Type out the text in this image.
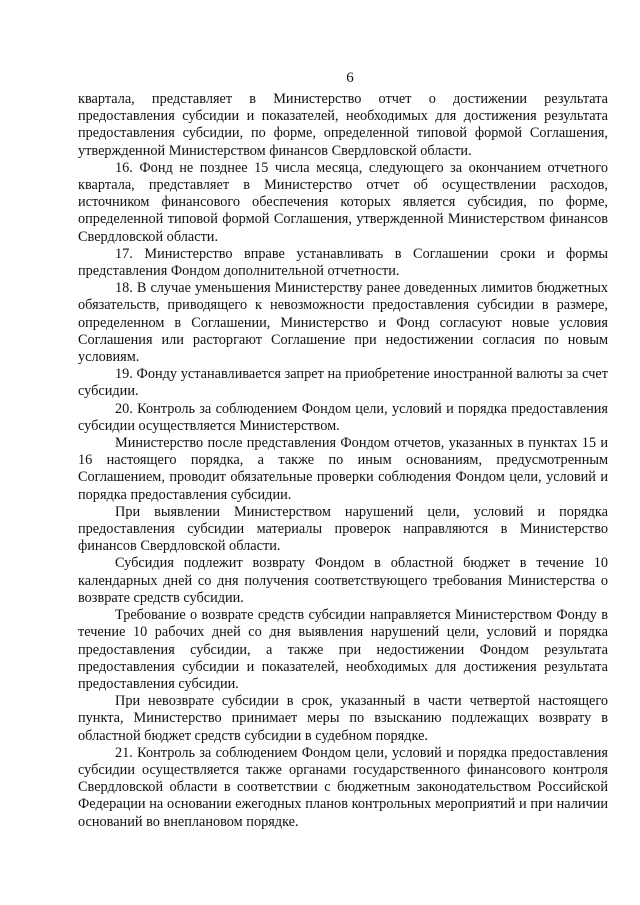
6

квартала, представляет в Министерство отчет о достижении результата предоставления субсидии и показателей, необходимых для достижения результата предоставления субсидии, по форме, определенной типовой формой Соглашения, утвержденной Министерством финансов Свердловской области.

16. Фонд не позднее 15 числа месяца, следующего за окончанием отчетного квартала, представляет в Министерство отчет об осуществлении расходов, источником финансового обеспечения которых является субсидия, по форме, определенной типовой формой Соглашения, утвержденной Министерством финансов Свердловской области.

17. Министерство вправе устанавливать в Соглашении сроки и формы представления Фондом дополнительной отчетности.

18. В случае уменьшения Министерству ранее доведенных лимитов бюджетных обязательств, приводящего к невозможности предоставления субсидии в размере, определенном в Соглашении, Министерство и Фонд согласуют новые условия Соглашения или расторгают Соглашение при недостижении согласия по новым условиям.

19. Фонду устанавливается запрет на приобретение иностранной валюты за счет субсидии.

20. Контроль за соблюдением Фондом цели, условий и порядка предоставления субсидии осуществляется Министерством.

Министерство после представления Фондом отчетов, указанных в пунктах 15 и 16 настоящего порядка, а также по иным основаниям, предусмотренным Соглашением, проводит обязательные проверки соблюдения Фондом цели, условий и порядка предоставления субсидии.

При выявлении Министерством нарушений цели, условий и порядка предоставления субсидии материалы проверок направляются в Министерство финансов Свердловской области.

Субсидия подлежит возврату Фондом в областной бюджет в течение 10 календарных дней со дня получения соответствующего требования Министерства о возврате средств субсидии.

Требование о возврате средств субсидии направляется Министерством Фонду в течение 10 рабочих дней со дня выявления нарушений цели, условий и порядка предоставления субсидии, а также при недостижении Фондом результата предоставления субсидии и показателей, необходимых для достижения результата предоставления субсидии.

При невозврате субсидии в срок, указанный в части четвертой настоящего пункта, Министерство принимает меры по взысканию подлежащих возврату в областной бюджет средств субсидии в судебном порядке.

21. Контроль за соблюдением Фондом цели, условий и порядка предоставления субсидии осуществляется также органами государственного финансового контроля Свердловской области в соответствии с бюджетным законодательством Российской Федерации на основании ежегодных планов контрольных мероприятий и при наличии оснований во внеплановом порядке.
